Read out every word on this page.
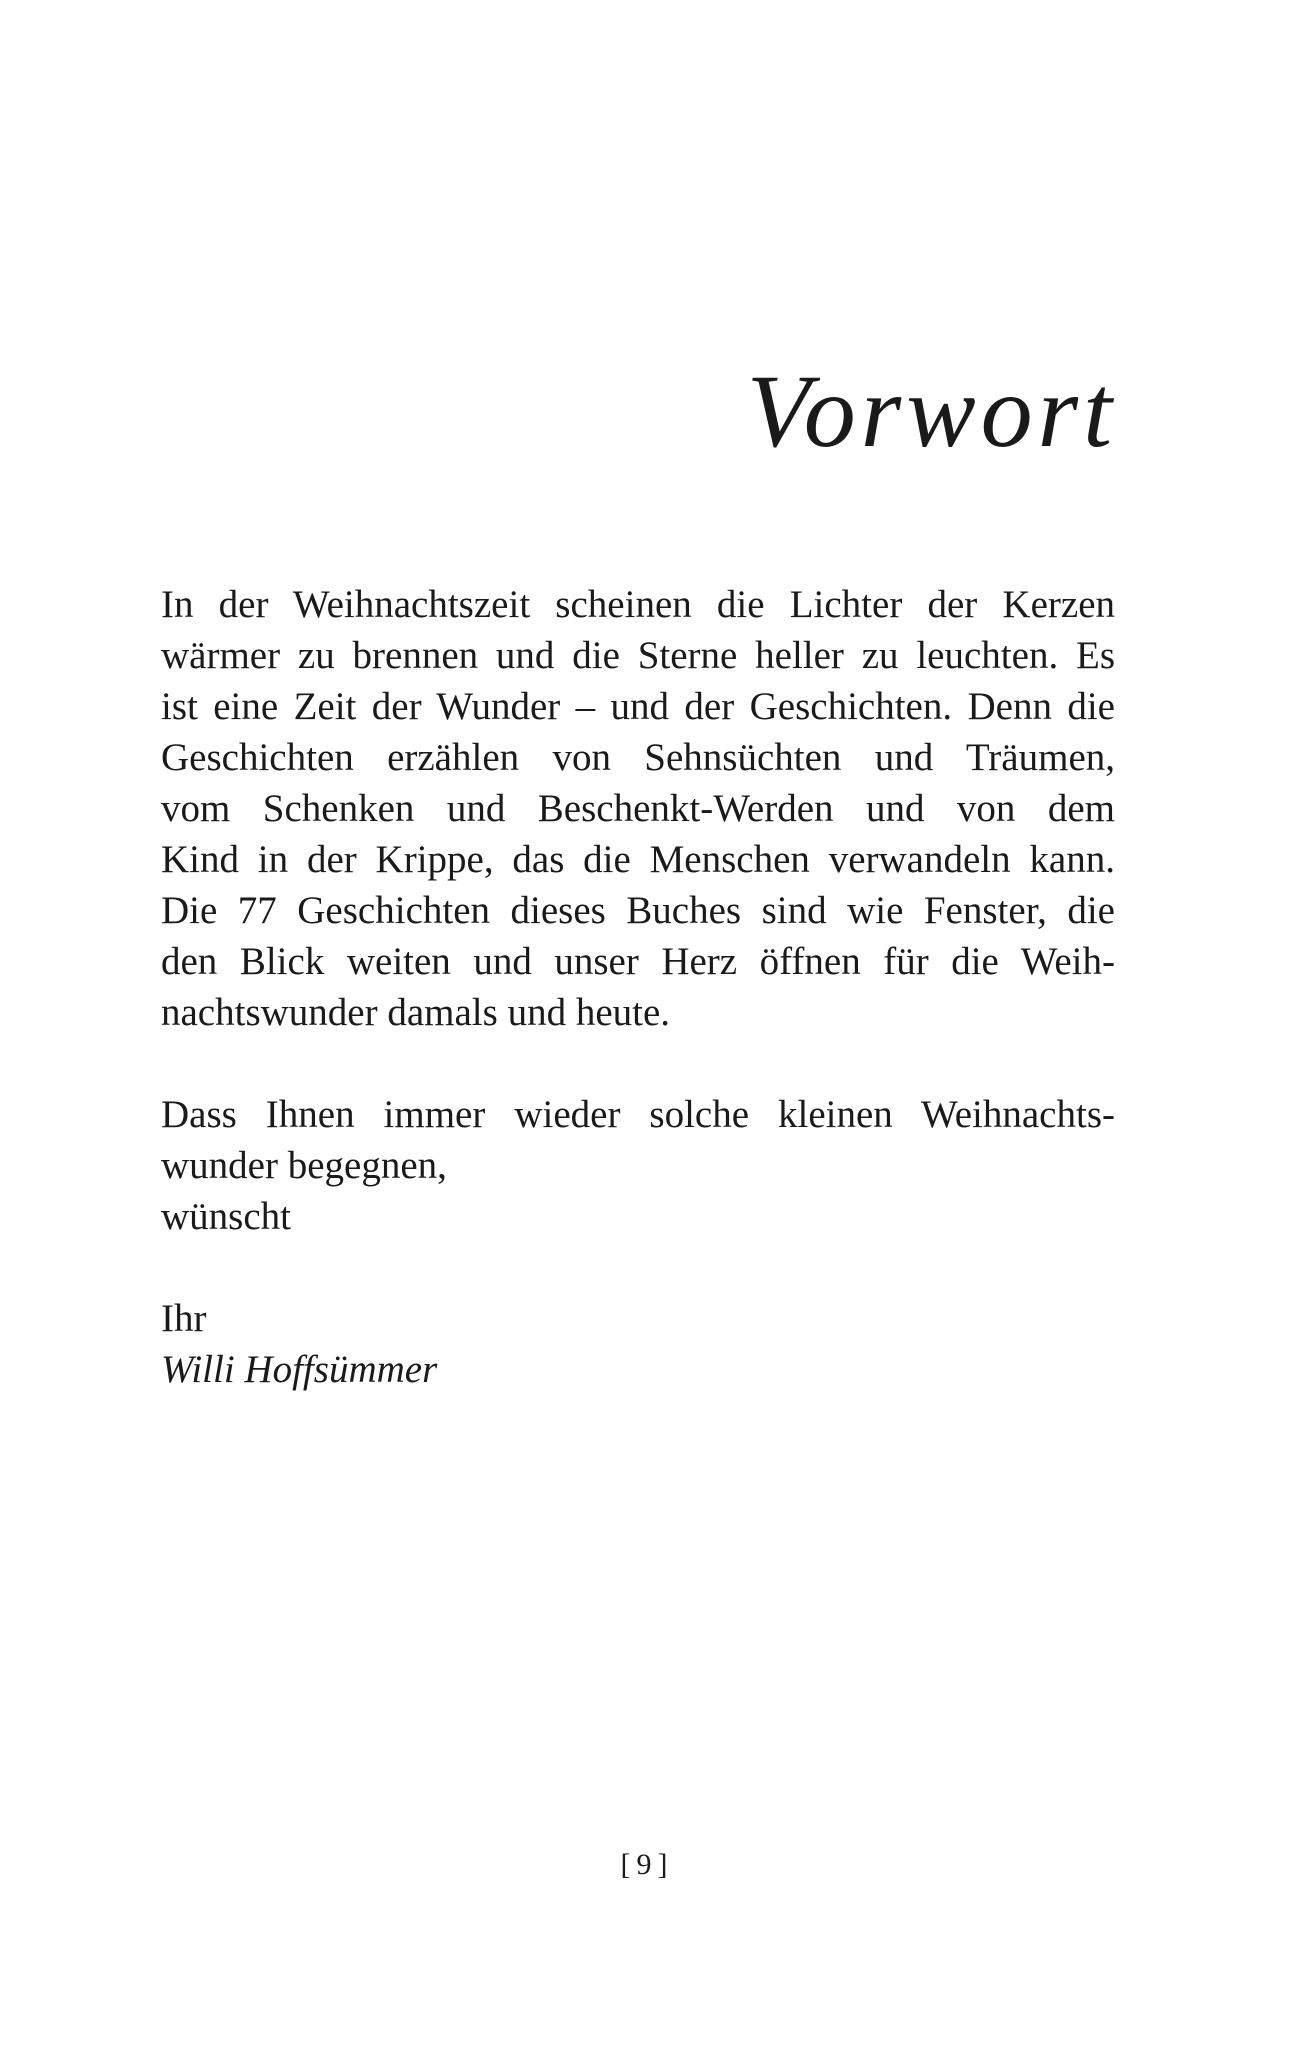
Vorwort
In der Weihnachtszeit scheinen die Lichter der Kerzen
wärmer zu brennen und die Sterne heller zu leuchten. Es
ist eine Zeit der Wunder – und der Geschichten. Denn die
Geschichten erzählen von Sehnsüchten und Träumen,
vom Schenken und Beschenkt-Werden und von dem
Kind in der Krippe, das die Menschen verwandeln kann.
Die 77 Geschichten dieses Buches sind wie Fenster, die
den Blick weiten und unser Herz öffnen für die Weih-
nachtswunder damals und heute.
Dass Ihnen immer wieder solche kleinen Weihnachts-
wunder begegnen,
wünscht
Ihr
Willi Hoffsümmer
[9]
